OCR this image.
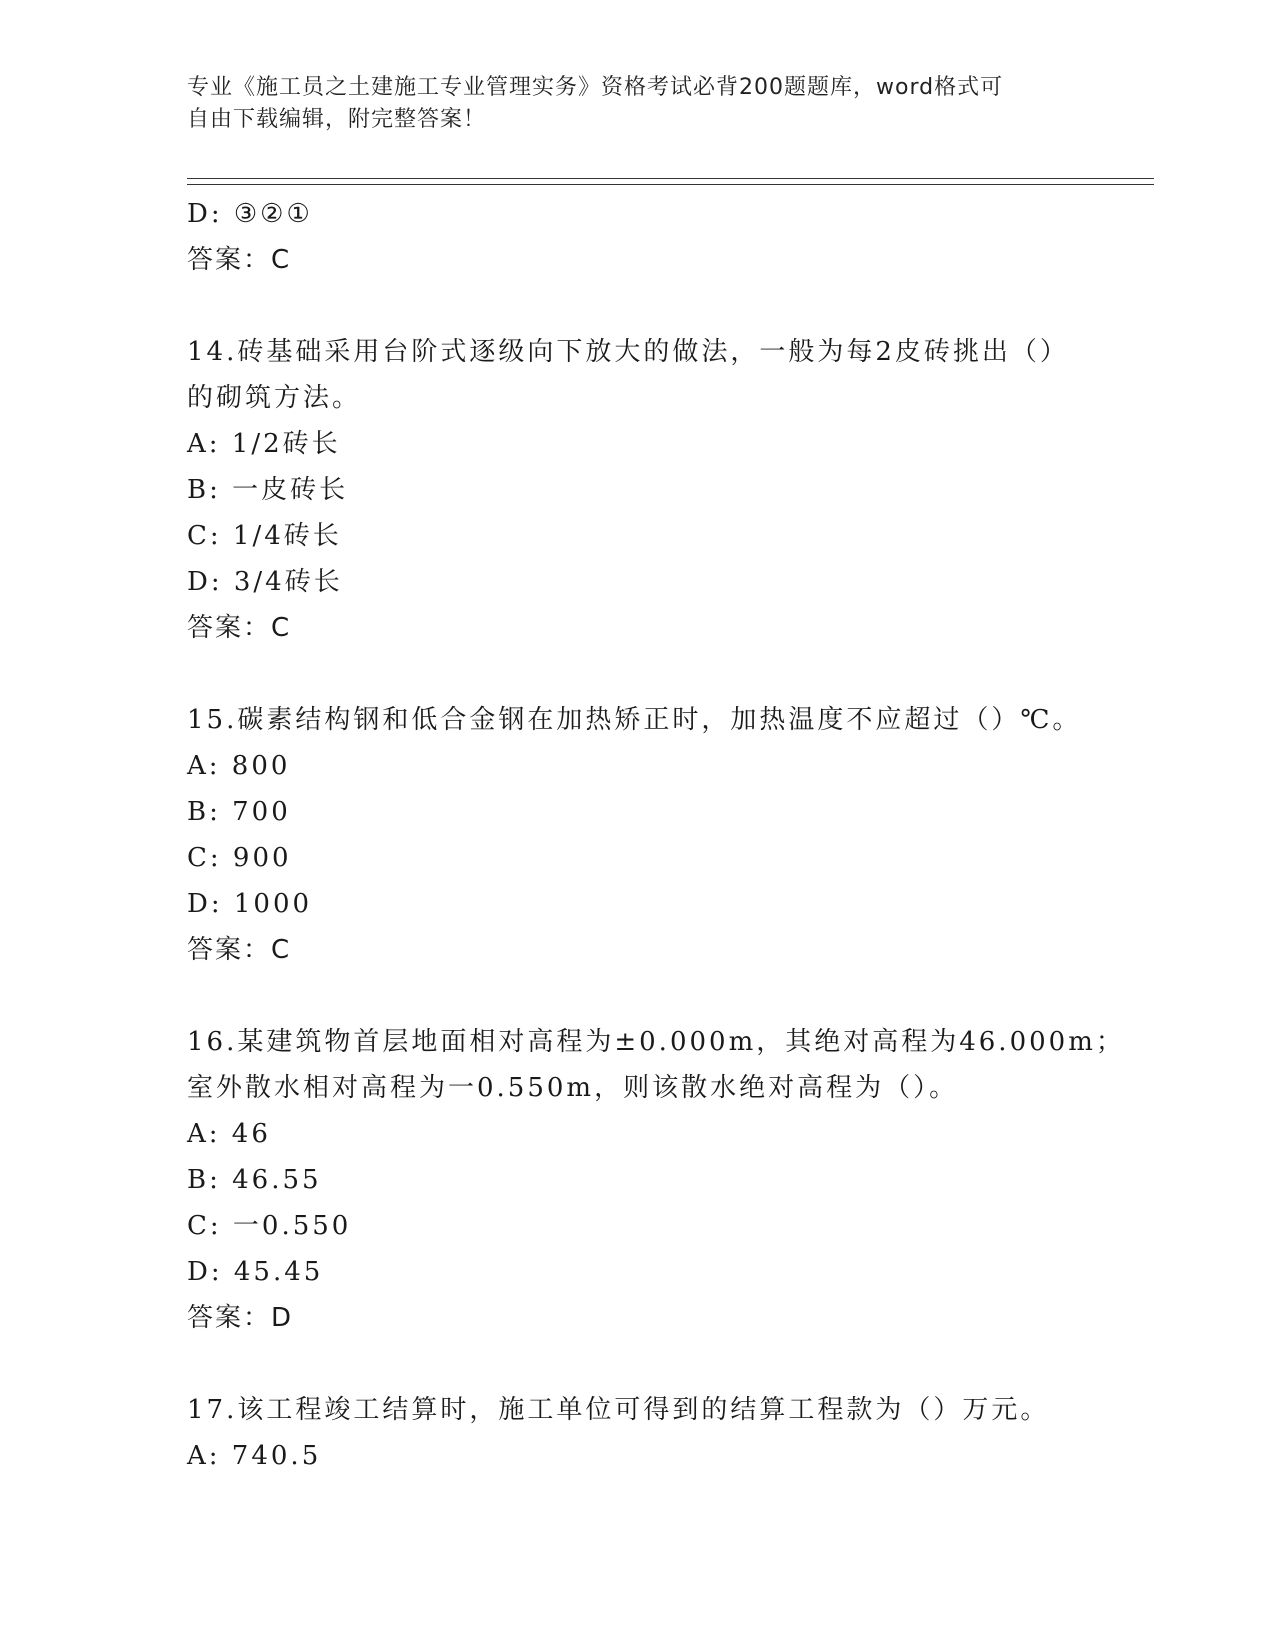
专业《施工员之土建施工专业管理实务》资格考试必背200题题库，word格式可
自由下载编辑，附完整答案！
D: ③②①
答案：C
14.砖基础采用台阶式逐级向下放大的做法，一般为每2皮砖挑出（）
的砌筑方法。
A: 1/2砖长
B: 一皮砖长
C: 1/4砖长
D: 3/4砖长
答案：C
15.碳素结构钢和低合金钢在加热矫正时，加热温度不应超过（）℃。
A: 800
B: 700
C: 900
D: 1000
答案：C
16.某建筑物首层地面相对高程为±0.000m，其绝对高程为46.000m；
室外散水相对高程为一0.550m，则该散水绝对高程为（）。
A: 46
B: 46.55
C: 一0.550
D: 45.45
答案：D
17.该工程竣工结算时，施工单位可得到的结算工程款为（）万元。
A: 740.5
